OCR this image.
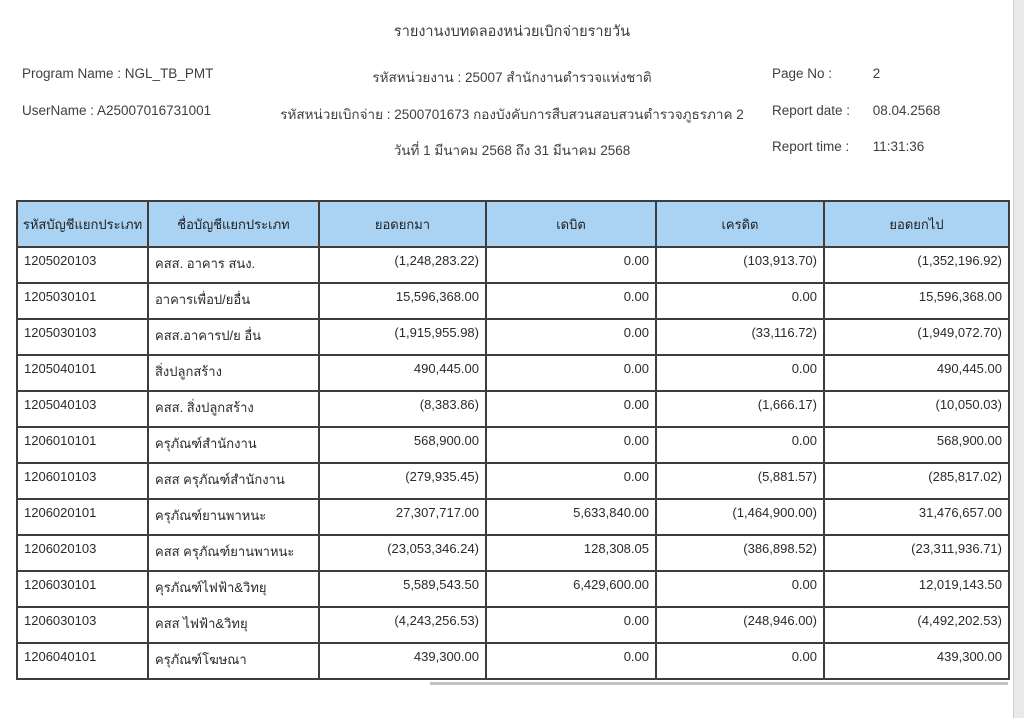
รายงานงบทดลองหน่วยเบิกจ่ายรายวัน
Program Name : NGL_TB_PMT
UserName : A25007016731001
รหัสหน่วยงาน : 25007 สำนักงานตำรวจแห่งชาติ
รหัสหน่วยเบิกจ่าย : 2500701673 กองบังคับการสืบสวนสอบสวนตำรวจภูธรภาค 2
วันที่ 1 มีนาคม 2568 ถึง 31 มีนาคม 2568
Page No :	2
Report date : 08.04.2568
Report time : 11:31:36
รหัสบัญชีแยกประเภท	ชื่อบัญชีแยกประเภท	ยอดยกมา	เดบิต	เครดิต	ยอดยกไป
1205020103	คสส. อาคาร สนง.	(1,248,283.22)	0.00	(103,913.70)	(1,352,196.92)
1205030101	อาคารเพื่อป/ยอื่น	15,596,368.00	0.00	0.00	15,596,368.00
1205030103	คสส.อาคารป/ย อื่น	(1,915,955.98)	0.00	(33,116.72)	(1,949,072.70)
1205040101	สิ่งปลูกสร้าง	490,445.00	0.00	0.00	490,445.00
1205040103	คสส. สิ่งปลูกสร้าง	(8,383.86)	0.00	(1,666.17)	(10,050.03)
1206010101	ครุภัณฑ์สำนักงาน	568,900.00	0.00	0.00	568,900.00
1206010103	คสส ครุภัณฑ์สำนักงาน	(279,935.45)	0.00	(5,881.57)	(285,817.02)
1206020101	ครุภัณฑ์ยานพาหนะ	27,307,717.00	5,633,840.00	(1,464,900.00)	31,476,657.00
1206020103	คสส ครุภัณฑ์ยานพาหนะ	(23,053,346.24)	128,308.05	(386,898.52)	(23,311,936.71)
1206030101	คุรภัณฑ์ไฟฟ้า&วิทยุ	5,589,543.50	6,429,600.00	0.00	12,019,143.50
1206030103	คสส ไฟฟ้า&วิทยุ	(4,243,256.53)	0.00	(248,946.00)	(4,492,202.53)
1206040101	ครุภัณฑ์โฆษณา	439,300.00	0.00	0.00	439,300.00
